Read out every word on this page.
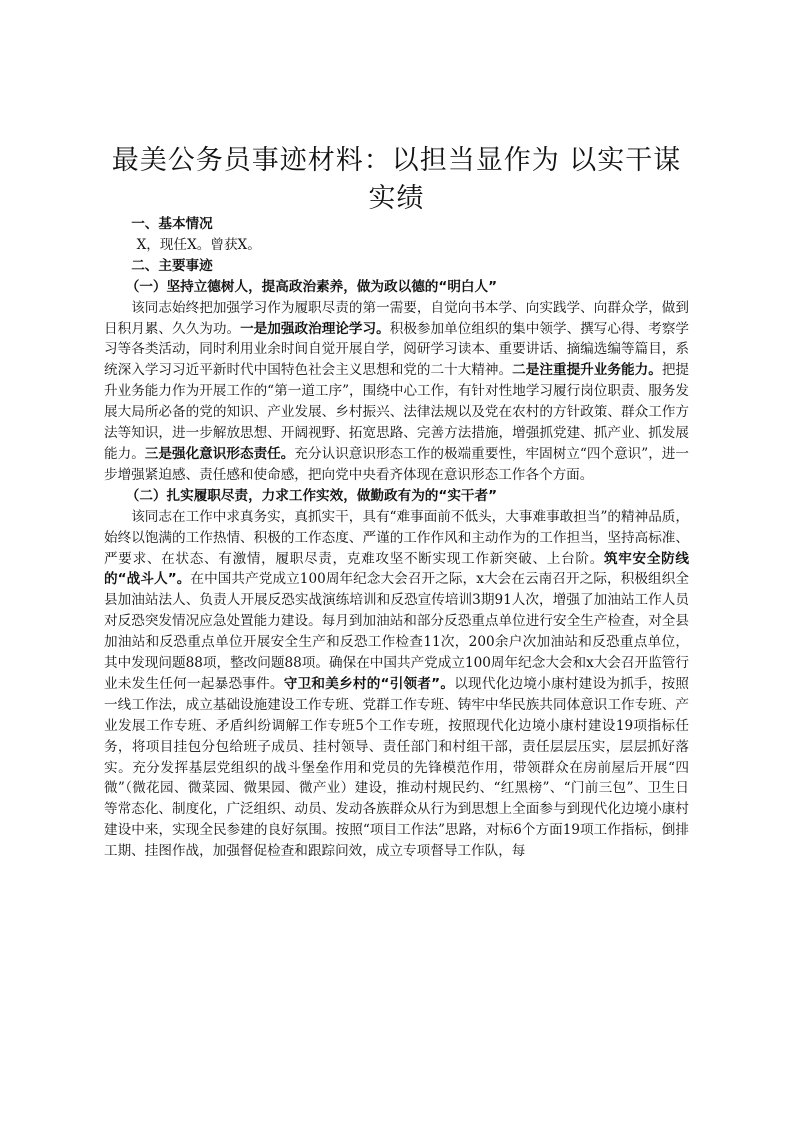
最美公务员事迹材料：以担当显作为 以实干谋实绩

一、基本情况

X，现任X。曾获X。

二、主要事迹

（一）坚持立德树人，提高政治素养，做为政以德的“明白人”

该同志始终把加强学习作为履职尽责的第一需要，自觉向书本学、向实践学、向群众学，做到日积月累、久久为功。一是加强政治理论学习。积极参加单位组织的集中领学、撰写心得、考察学习等各类活动，同时利用业余时间自觉开展自学，阅研学习读本、重要讲话、摘编选编等篇目，系统深入学习习近平新时代中国特色社会主义思想和党的二十大精神。二是注重提升业务能力。把提升业务能力作为开展工作的“第一道工序”，围绕中心工作，有针对性地学习履行岗位职责、服务发展大局所必备的党的知识、产业发展、乡村振兴、法律法规以及党在农村的方针政策、群众工作方法等知识，进一步解放思想、开阔视野、拓宽思路、完善方法措施，增强抓党建、抓产业、抓发展能力。三是强化意识形态责任。充分认识意识形态工作的极端重要性，牢固树立“四个意识”，进一步增强紧迫感、责任感和使命感，把向党中央看齐体现在意识形态工作各个方面。

（二）扎实履职尽责，力求工作实效，做勤政有为的“实干者”

该同志在工作中求真务实，真抓实干，具有“难事面前不低头，大事难事敢担当”的精神品质，始终以饱满的工作热情、积极的工作态度、严谨的工作作风和主动作为的工作担当，坚持高标准、严要求、在状态、有激情，履职尽责，克难攻坚不断实现工作新突破、上台阶。筑牢安全防线的“战斗人”。在中国共产党成立100周年纪念大会召开之际，x大会在云南召开之际，积极组织全县加油站法人、负责人开展反恐实战演练培训和反恐宣传培训3期91人次，增强了加油站工作人员对反恐突发情况应急处置能力建设。每月到加油站和部分反恐重点单位进行安全生产检查，对全县加油站和反恐重点单位开展安全生产和反恐工作检查11次，200余户次加油站和反恐重点单位，其中发现问题88项，整改问题88项。确保在中国共产党成立100周年纪念大会和x大会召开监管行业未发生任何一起暴恐事件。守卫和美乡村的“引领者”。以现代化边境小康村建设为抓手，按照一线工作法，成立基础设施建设工作专班、党群工作专班、铸牢中华民族共同体意识工作专班、产业发展工作专班、矛盾纠纷调解工作专班5个工作专班，按照现代化边境小康村建设19项指标任务，将项目挂包分包给班子成员、挂村领导、责任部门和村组干部，责任层层压实，层层抓好落实。充分发挥基层党组织的战斗堡垒作用和党员的先锋模范作用，带领群众在房前屋后开展“四微”（微花园、微菜园、微果园、微产业）建设，推动村规民约、“红黑榜”、“门前三包”、卫生日等常态化、制度化，广泛组织、动员、发动各族群众从行为到思想上全面参与到现代化边境小康村建设中来，实现全民参建的良好氛围。按照“项目工作法”思路，对标6个方面19项工作指标，倒排工期、挂图作战，加强督促检查和跟踪问效，成立专项督导工作队，每
